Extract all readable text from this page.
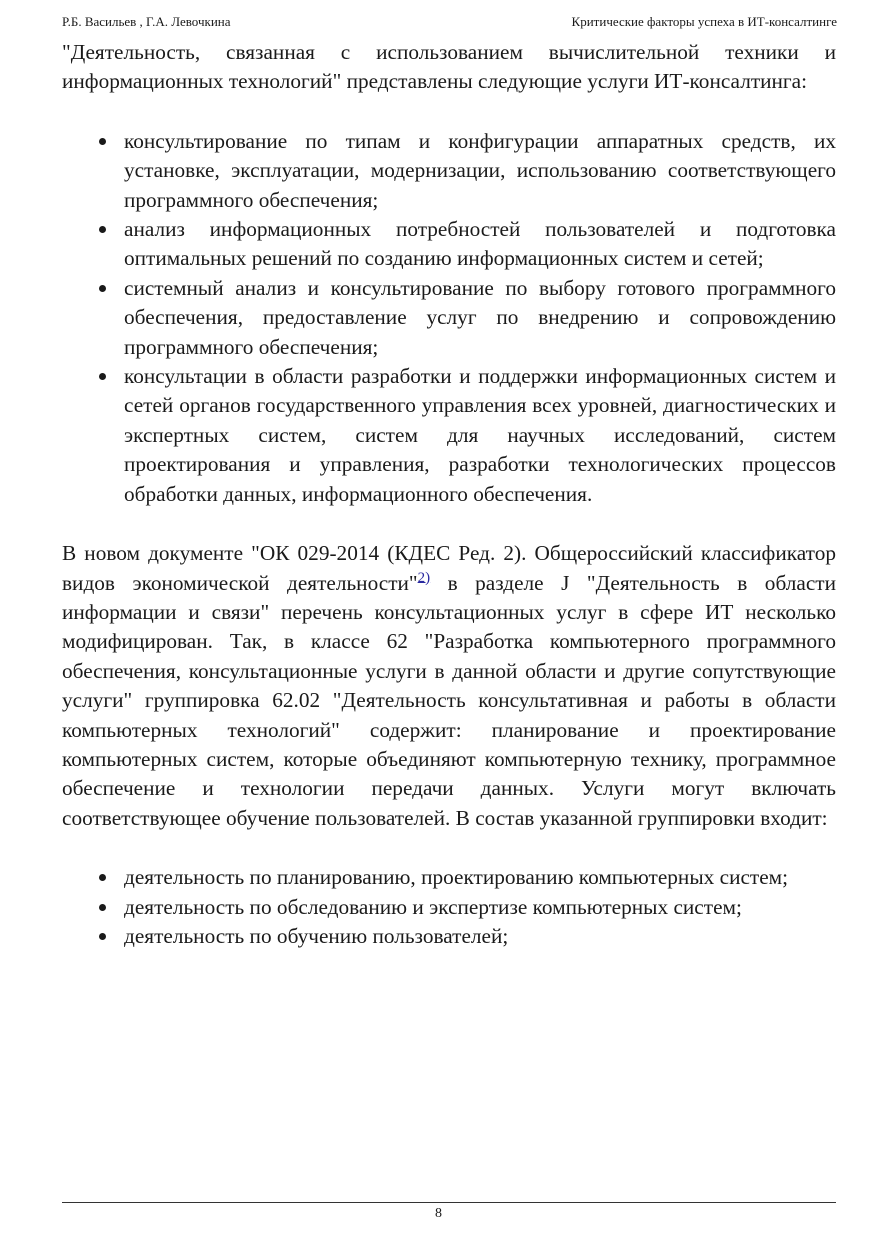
Р.Б. Васильев , Г.А. Левочкина	Критические факторы успеха в ИТ-консалтинге

"Деятельность, связанная с использованием вычислительной техники и информационных технологий" представлены следующие услуги ИТ-консалтинга:

консультирование по типам и конфигурации аппаратных средств, их установке, эксплуатации, модернизации, использованию соответствующего программного обеспечения;
анализ информационных потребностей пользователей и подготовка оптимальных решений по созданию информационных систем и сетей;
системный анализ и консультирование по выбору готового программного обеспечения, предоставление услуг по внедрению и сопровождению программного обеспечения;
консультации в области разработки и поддержки информационных систем и сетей органов государственного управления всех уровней, диагностических и экспертных систем, систем для научных исследований, систем проектирования и управления, разработки технологических процессов обработки данных, информационного обеспечения.

В новом документе "ОК 029-2014 (КДЕС Ред. 2). Общероссийский классификатор видов экономической деятельности"$^{2)}$ в разделе J "Деятельность в области информации и связи" перечень консультационных услуг в сфере ИТ несколько модифицирован. Так, в классе 62 "Разработка компьютерного программного обеспечения, консультационные услуги в данной области и другие сопутствующие услуги" группировка 62.02 "Деятельность консультативная и работы в области компьютерных технологий" содержит: планирование и проектирование компьютерных систем, которые объединяют компьютерную технику, программное обеспечение и технологии передачи данных. Услуги могут включать соответствующее обучение пользователей. В состав указанной группировки входит:

деятельность по планированию, проектированию компьютерных систем;
деятельность по обследованию и экспертизе компьютерных систем;
деятельность по обучению пользователей;
8
